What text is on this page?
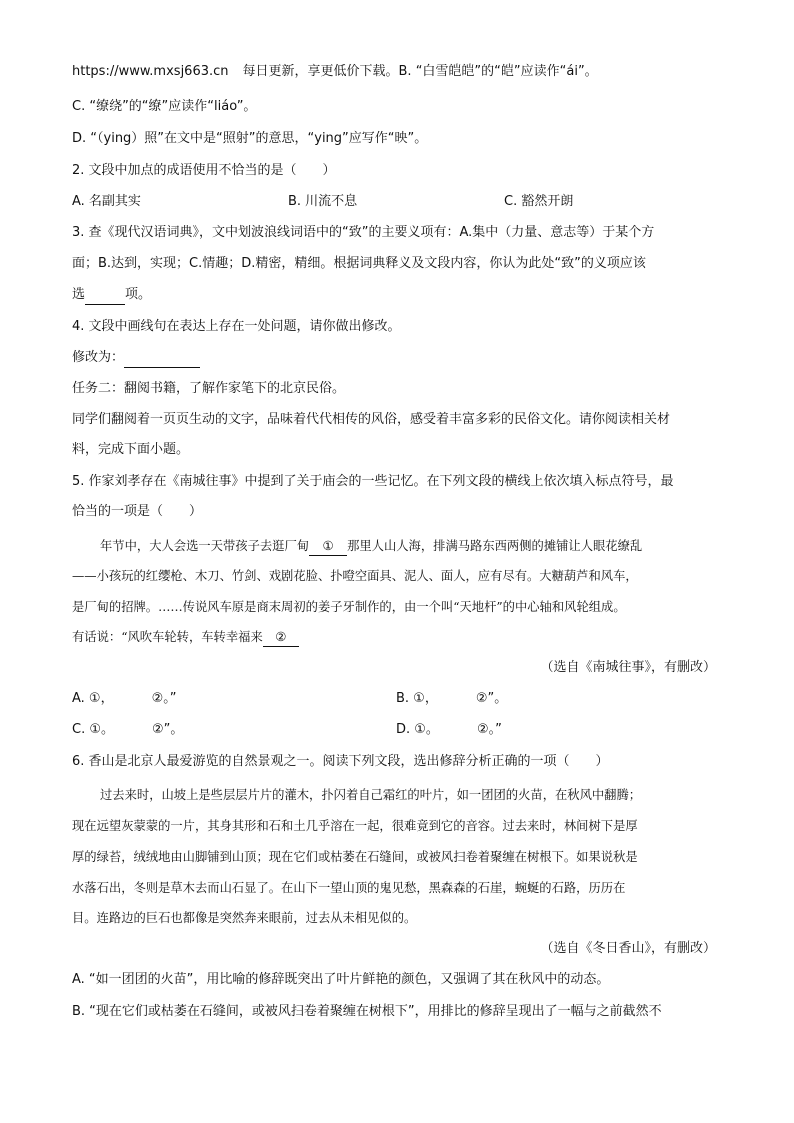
https://www.mxsj663.cn 每日更新，享更低价下载。B. “白雪皑皑”的“皑”应读作“ái”。
C. “缭绕”的“缭”应读作“liáo”。
D. “（ying）照”在文中是“照射”的意思，“ying”应写作“映”。
2. 文段中加点的成语使用不恰当的是（　　）
A. 名副其实	B. 川流不息	C. 豁然开朗
3. 查《现代汉语词典》，文中划波浪线词语中的“致”的主要义项有：A.集中（力量、意志等）于某个方
面；B.达到，实现；C.情趣；D.精密，精细。根据词典释义及文段内容，你认为此处“致”的义项应该
选	项。
4. 文段中画线句在表达上存在一处问题，请你做出修改。
修改为：
任务二：翻阅书籍，了解作家笔下的北京民俗。
同学们翻阅着一页页生动的文字，品味着代代相传的风俗，感受着丰富多彩的民俗文化。请你阅读相关材
料，完成下面小题。
5. 作家刘孝存在《南城往事》中提到了关于庙会的一些记忆。在下列文段的横线上依次填入标点符号，最
恰当的一项是（　　）
年节中，大人会选一天带孩子去逛厂甸 ① 那里人山人海，排满马路东西两侧的摊铺让人眼花缭乱
——小孩玩的红缨枪、木刀、竹剑、戏剧花脸、扑噔空面具、泥人、面人，应有尽有。大糖葫芦和风车，
是厂甸的招牌。……传说风车原是商末周初的姜子牙制作的，由一个叫“天地杆”的中心轴和风轮组成。
有话说：“风吹车轮转，车转幸福来 ②
（选自《南城往事》，有删改）
A. ①，	②。”	B. ①，	②”。
C. ①。	②”。	D. ①。	②。”
6. 香山是北京人最爱游览的自然景观之一。阅读下列文段，选出修辞分析正确的一项（　　）
过去来时，山坡上是些层层片片的灌木，扑闪着自己霜红的叶片，如一团团的火苗，在秋风中翻腾；
现在远望灰蒙蒙的一片，其身其形和石和土几乎溶在一起，很难竟到它的音容。过去来时，林间树下是厚
厚的绿苔，绒绒地由山脚铺到山顶；现在它们或枯萎在石缝间，或被风扫卷着聚缠在树根下。如果说秋是
水落石出，冬则是草木去而山石显了。在山下一望山顶的鬼见愁，黑森森的石崖，蜿蜒的石路，历历在
目。连路边的巨石也都像是突然奔来眼前，过去从未相见似的。
（选自《冬日香山》，有删改）
A. “如一团团的火苗”，用比喻的修辞既突出了叶片鲜艳的颜色，又强调了其在秋风中的动态。
B. “现在它们或枯萎在石缝间，或被风扫卷着聚缠在树根下”，用排比的修辞呈现出了一幅与之前截然不
